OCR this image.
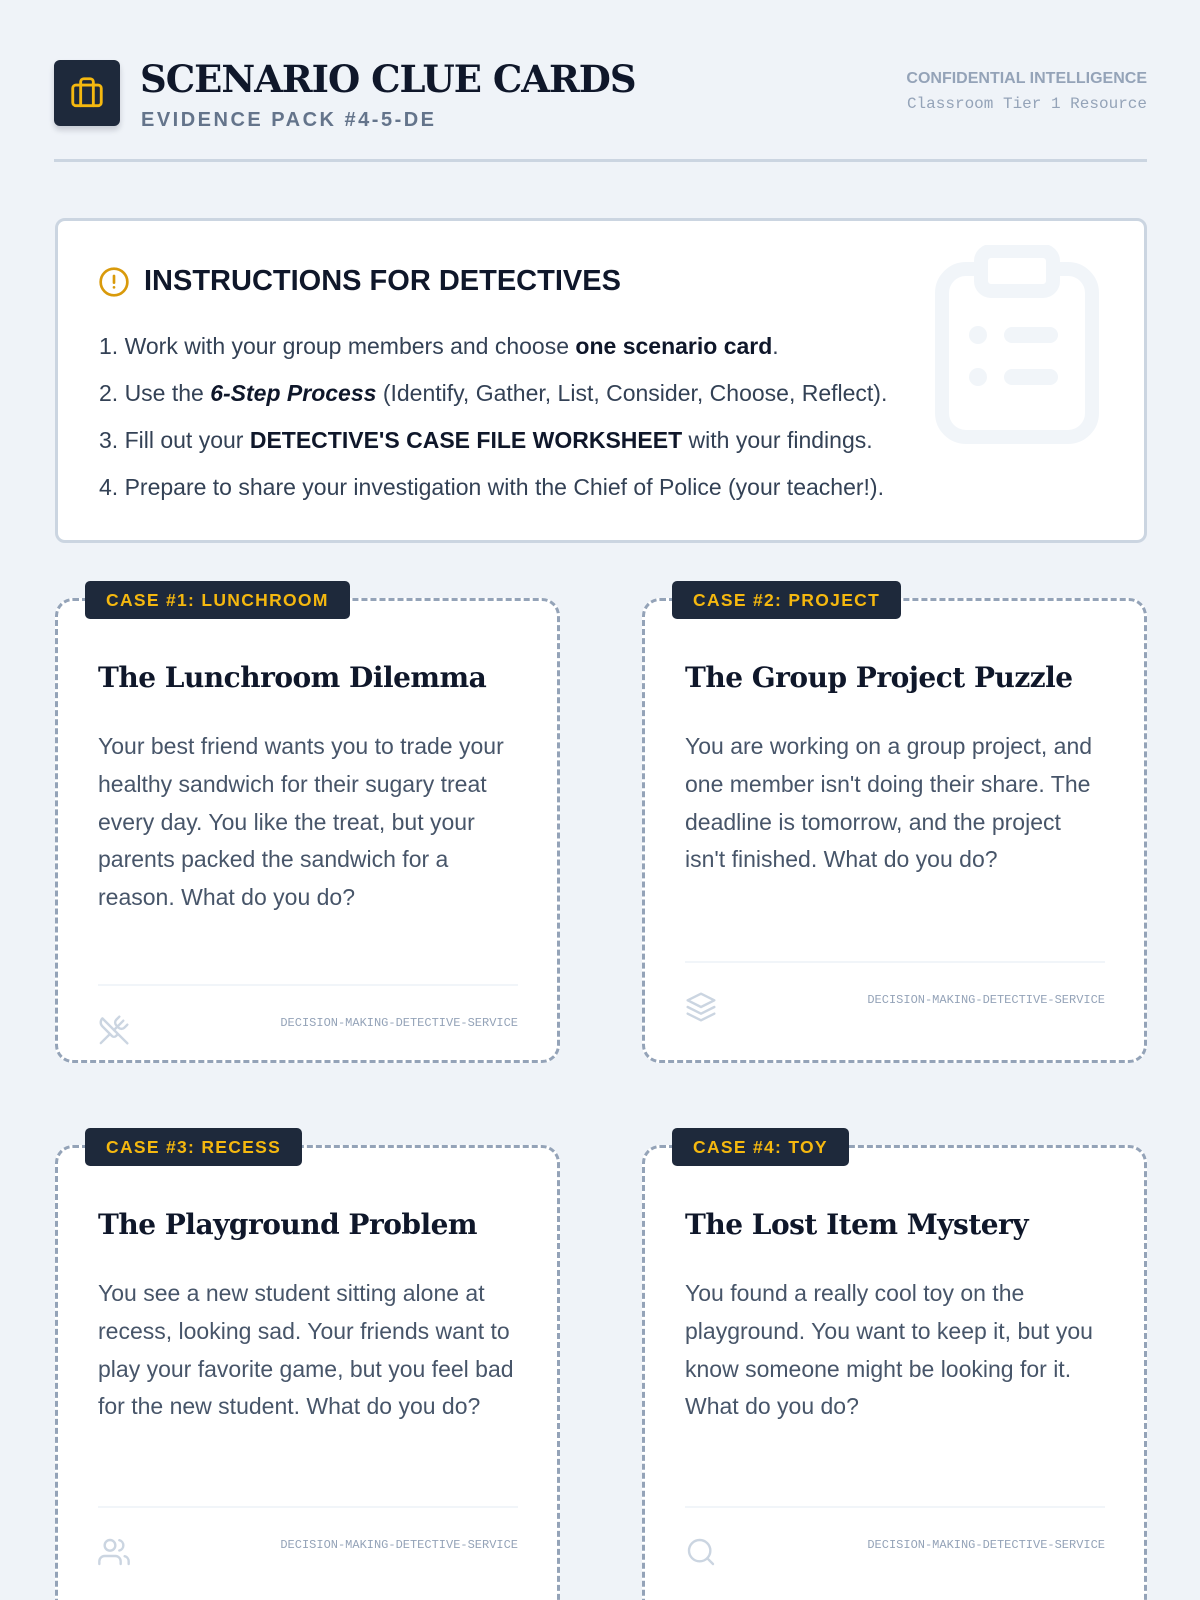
SCENARIO CLUE CARDS
EVIDENCE PACK #4-5-DE
CONFIDENTIAL INTELLIGENCE
Classroom Tier 1 Resource
INSTRUCTIONS FOR DETECTIVES
1. Work with your group members and choose one scenario card.
2. Use the 6-Step Process (Identify, Gather, List, Consider, Choose, Reflect).
3. Fill out your DETECTIVE'S CASE FILE WORKSHEET with your findings.
4. Prepare to share your investigation with the Chief of Police (your teacher!).
CASE #1: LUNCHROOM
The Lunchroom Dilemma
Your best friend wants you to trade your healthy sandwich for their sugary treat every day. You like the treat, but your parents packed the sandwich for a reason. What do you do?
DECISION-MAKING-DETECTIVE-SERVICE
CASE #2: PROJECT
The Group Project Puzzle
You are working on a group project, and one member isn't doing their share. The deadline is tomorrow, and the project isn't finished. What do you do?
DECISION-MAKING-DETECTIVE-SERVICE
CASE #3: RECESS
The Playground Problem
You see a new student sitting alone at recess, looking sad. Your friends want to play your favorite game, but you feel bad for the new student. What do you do?
DECISION-MAKING-DETECTIVE-SERVICE
CASE #4: TOY
The Lost Item Mystery
You found a really cool toy on the playground. You want to keep it, but you know someone might be looking for it. What do you do?
DECISION-MAKING-DETECTIVE-SERVICE
